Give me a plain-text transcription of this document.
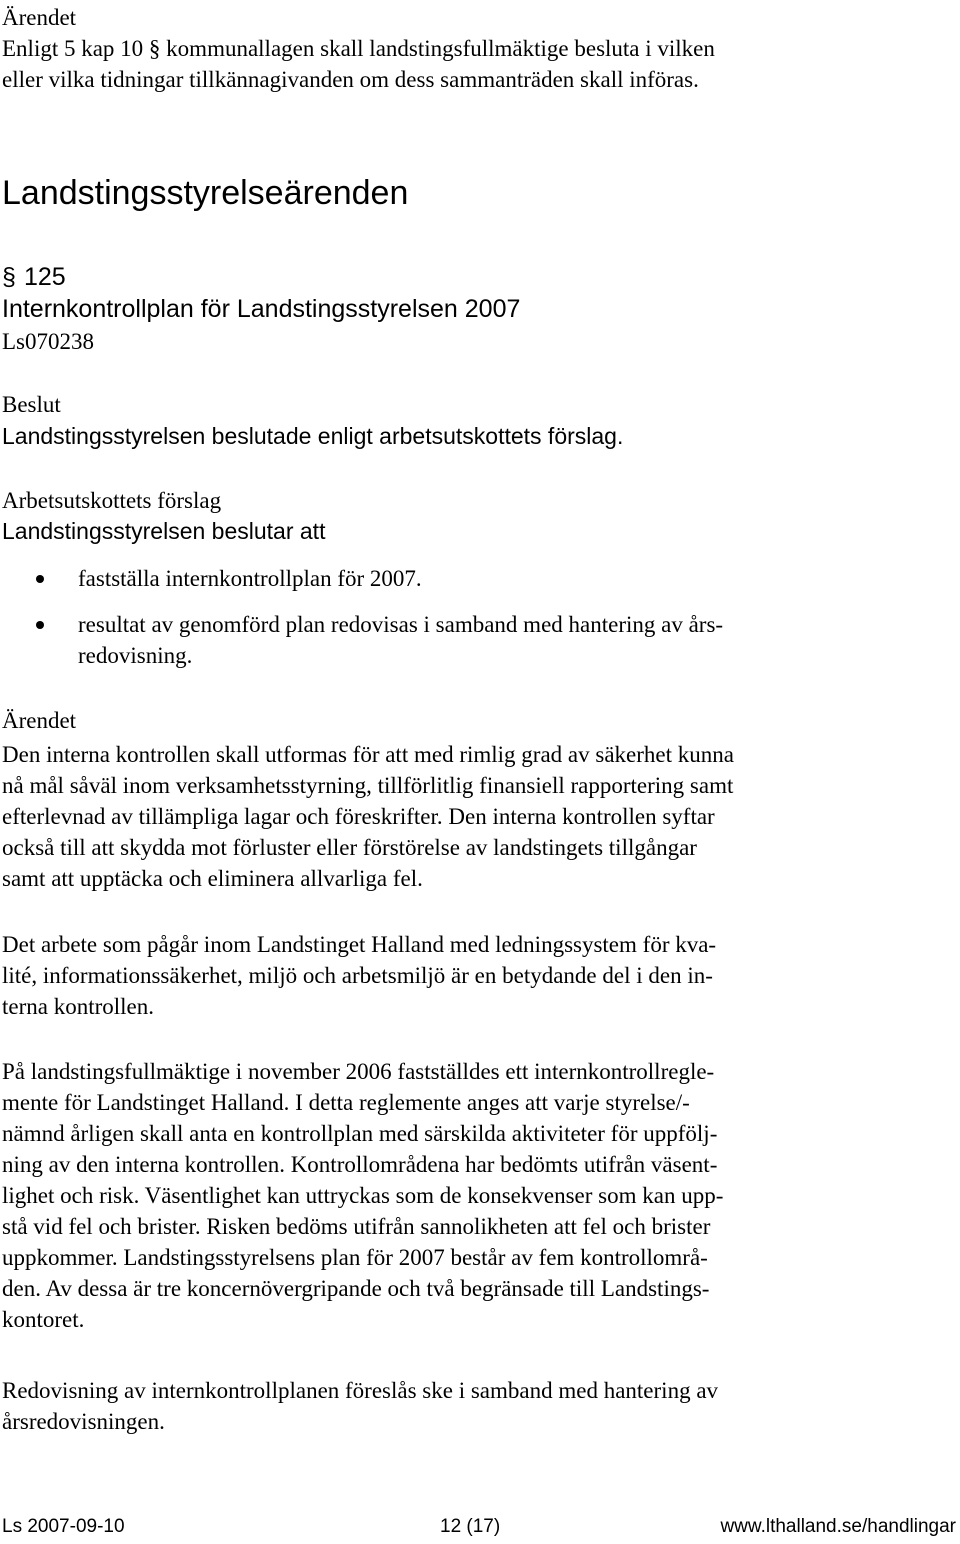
Ärendet
Enligt 5 kap 10 § kommunallagen skall landstingsfullmäktige besluta i vilken
eller vilka tidningar tillkännagivanden om dess sammanträden skall införas.
Landstingsstyrelseärenden
§ 125
Internkontrollplan för Landstingsstyrelsen 2007
Ls070238
Beslut
Landstingsstyrelsen beslutade enligt arbetsutskottets förslag.
Arbetsutskottets förslag
Landstingsstyrelsen beslutar att
fastställa internkontrollplan för 2007.
resultat av genomförd plan redovisas i samband med hantering av års-
redovisning.
Ärendet
Den interna kontrollen skall utformas för att med rimlig grad av säkerhet kunna
nå mål såväl inom verksamhetsstyrning, tillförlitlig finansiell rapportering samt
efterlevnad av tillämpliga lagar och föreskrifter. Den interna kontrollen syftar
också till att skydda mot förluster eller förstörelse av landstingets tillgångar
samt att upptäcka och eliminera allvarliga fel.
Det arbete som pågår inom Landstinget Halland med ledningssystem för kva-
lité, informationssäkerhet, miljö och arbetsmiljö är en betydande del i den in-
terna kontrollen.
På landstingsfullmäktige i november 2006 fastställdes ett internkontrollregle-
mente för Landstinget Halland. I detta reglemente anges att varje styrelse/-
nämnd årligen skall anta en kontrollplan med särskilda aktiviteter för uppfölj-
ning av den interna kontrollen. Kontrollområdena har bedömts utifrån väsent-
lighet och risk. Väsentlighet kan uttryckas som de konsekvenser som kan upp-
stå vid fel och brister. Risken bedöms utifrån sannolikheten att fel och brister
uppkommer. Landstingsstyrelsens plan för 2007 består av fem kontrollområ-
den. Av dessa är tre koncernövergripande och två begränsade till Landstings-
kontoret.
Redovisning av internkontrollplanen föreslås ske i samband med hantering av
årsredovisningen.
Ls 2007-09-10	12 (17)	www.lthalland.se/handlingar
